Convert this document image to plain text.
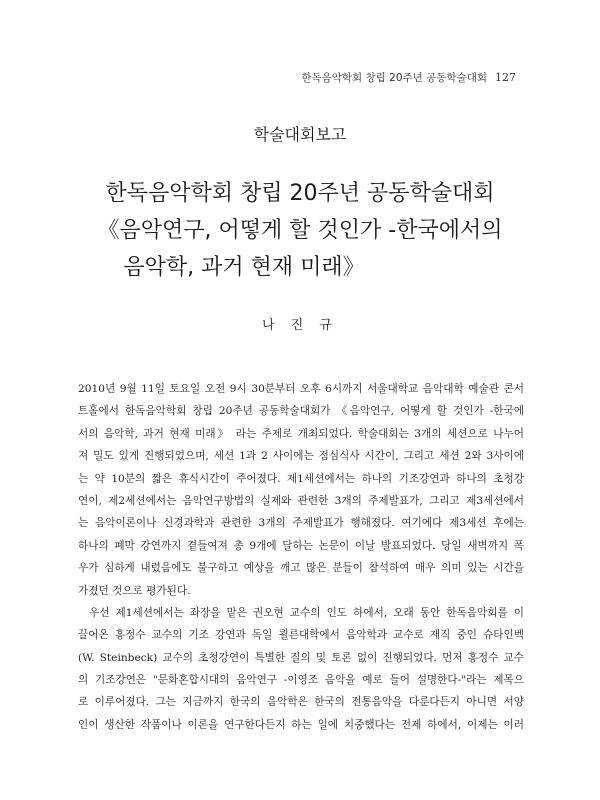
한독음악학회 창립 20주년 공동학술대회 127
학술대회보고
한독음악학회 창립 20주년 공동학술대회
《음악연구, 어떻게 할 것인가 -한국에서의
음악학, 과거 현재 미래》
나 진 규
2010년 9월 11일 토요일 오전 9시 30분부터 오후 6시까지 서울대학교 음악대학 예술관 콘서
트홀에서 한독음악학회 창립 20주년 공동학술대회가 《음악연구, 어떻게 할 것인가 -한국에
서의 음악학, 과거 현재 미래》 라는 주제로 개최되었다. 학술대회는 3개의 세션으로 나누어
져 밀도 있게 진행되었으며, 세션 1과 2 사이에는 점심식사 시간이, 그리고 세션 2와 3사이에
는 약 10분의 짧은 휴식시간이 주어졌다. 제1세션에서는 하나의 기조강연과 하나의 초청강
연이, 제2세션에서는 음악연구방법의 실제와 관련한 3개의 주제발표가, 그리고 제3세션에서
는 음악이론이나 신경과학과 관련한 3개의 주제발표가 행해졌다. 여기에다 제3세션 후에는
하나의 폐막 강연까지 곁들여져 총 9개에 달하는 논문이 이날 발표되었다. 당일 새벽까지 폭
우가 심하게 내렸음에도 불구하고 예상을 깨고 많은 분들이 참석하여 매우 의미 있는 시간을
가졌던 것으로 평가된다.
우선 제1세션에서는 좌장을 맡은 권오현 교수의 인도 하에서, 오래 동안 한독음악회를 이
끌어온 홍정수 교수의 기조 강연과 독일 쾰른대학에서 음악학과 교수로 재직 중인 슈타인벡
(W. Steinbeck) 교수의 초청강연이 특별한 질의 및 토론 없이 진행되었다. 먼저 홍정수 교수
의 기조강연은 "문화혼합시대의 음악연구 -이영조 음악을 예로 들어 설명한다-"라는 제목으
로 이루어졌다. 그는 지금까지 한국의 음악학은 한국의 전통음악을 다룬다든지 아니면 서양
인이 생산한 작품이나 이론을 연구한다든지 하는 일에 치중했다는 전제 하에서, 이제는 이러
